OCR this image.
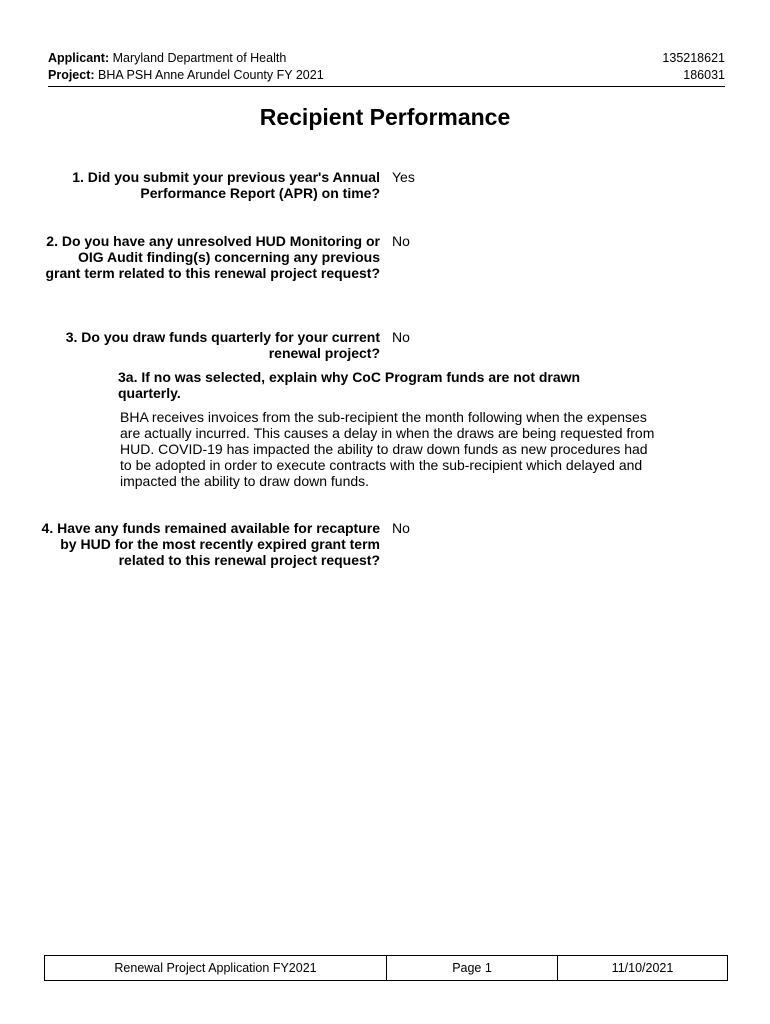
Applicant: Maryland Department of Health	135218621
Project: BHA PSH Anne Arundel County FY 2021	186031
Recipient Performance
1. Did you submit your previous year's Annual Performance Report (APR) on time?
Yes
2. Do you have any unresolved HUD Monitoring or OIG Audit finding(s) concerning any previous grant term related to this renewal project request?
No
3. Do you draw funds quarterly for your current renewal project?
No
3a. If no was selected, explain why CoC Program funds are not drawn quarterly.
BHA receives invoices from the sub-recipient the month following when the expenses are actually incurred. This causes a delay in when the draws are being requested from HUD. COVID-19 has impacted the ability to draw down funds as new procedures had to be adopted in order to execute contracts with the sub-recipient which delayed and impacted the ability to draw down funds.
4. Have any funds remained available for recapture by HUD for the most recently expired grant term related to this renewal project request?
No
Renewal Project Application FY2021	Page 1	11/10/2021
